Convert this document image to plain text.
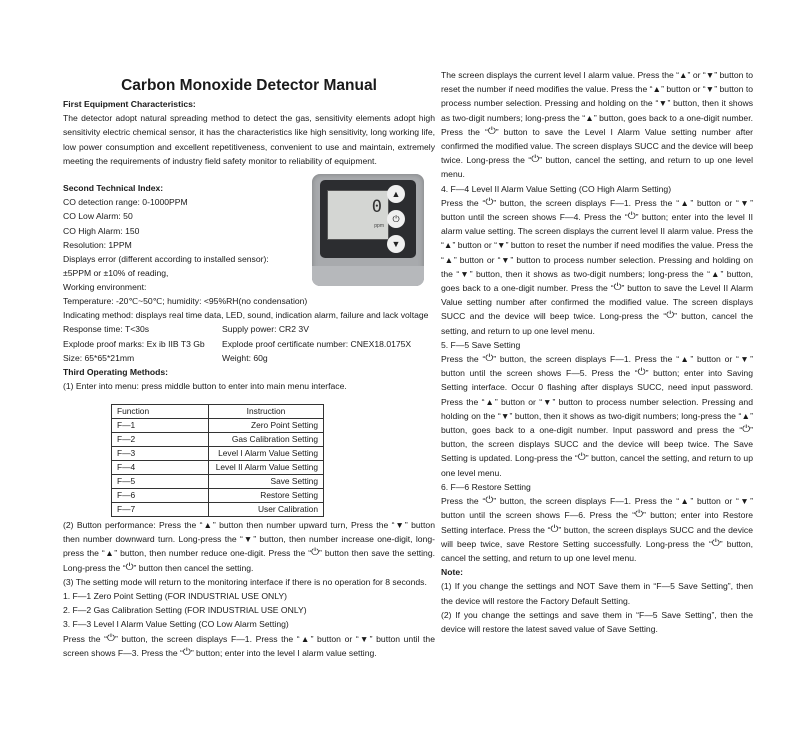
Carbon Monoxide Detector Manual

First Equipment Characteristics:

The detector adopt natural spreading method to detect the gas, sensitivity elements adopt high sensitivity electric chemical sensor, it has the characteristics like high sensitivity, long working life, low power consumption and excellent repetitiveness, convenient to use and maintain, extremely meeting the requirements of industry field safety monitor to reliability of equipment.

Second Technical Index:

CO detection range: 0-1000PPM

CO Low Alarm: 50

CO High Alarm: 150

Resolution: 1PPM

Displays error (different according to installed sensor):

±5PPM or ±10% of reading,

Working environment:

Temperature: -20℃~50℃; humidity: <95%RH(no condensation)

Indicating method: displays real time data, LED, sound, indication alarm, failure and lack voltage

Response time: T<30s	Supply power: CR2 3V
Explode proof marks: Ex ib IIB T3 Gb Explode proof certificate number: CNEX18.0175X
Size: 65*65*21mm	Weight: 60g

Third Operating Methods:

(1) Enter into menu: press middle button to enter into main menu interface.

Function	Instruction
F—1	Zero Point Setting
F—2	Gas Calibration Setting
F—3	Level I Alarm Value Setting
F—4	Level II Alarm Value Setting
F—5	Save Setting
F—6	Restore Setting
F—7	User Calibration

(2) Button performance: Press the “▲” button then number upward turn, Press the “▼” button then number downward turn. Long-press the “▼” button, then number increase one-digit, long-press the “▲” button, then number reduce one-digit. Press the “⏻” button then save the setting. Long-press the “⏻” button then cancel the setting.

(3) The setting mode will return to the monitoring interface if there is no operation for 8 seconds.

1. F—1 Zero Point Setting (FOR INDUSTRIAL USE ONLY)

2. F—2 Gas Calibration Setting (FOR INDUSTRIAL USE ONLY)

3. F—3 Level I Alarm Value Setting (CO Low Alarm Setting)

Press the “⏻” button, the screen displays F—1. Press the “▲” button or “▼” button until the screen shows F—3. Press the “⏻” button; enter into the level I alarm value setting.

0
ppm
▲
⏻
▼

The screen displays the current level I alarm value. Press the “▲” or “▼” button to reset the number if need modifies the value. Press the “▲” button or “▼” button to process number selection. Pressing and holding on the “▼” button, then it shows as two-digit numbers; long-press the “▲” button, goes back to a one-digit number. Press the “⏻” button to save the Level I Alarm Value setting number after confirmed the modified value. The screen displays SUCC and the device will beep twice. Long-press the “⏻” button, cancel the setting, and return to up one level menu.

4. F—4 Level II Alarm Value Setting (CO High Alarm Setting)

Press the “⏻” button, the screen displays F—1. Press the “▲” button or “▼” button until the screen shows F—4. Press the “⏻” button; enter into the level II alarm value setting. The screen displays the current level II alarm value. Press the “▲” button or “▼” button to reset the number if need modifies the value. Press the “▲” button or “▼” button to process number selection. Pressing and holding on the “▼” button, then it shows as two-digit numbers; long-press the “▲” button, goes back to a one-digit number. Press the “⏻” button to save the Level II Alarm Value setting number after confirmed the modified value. The screen displays SUCC and the device will beep twice. Long-press the “⏻” button, cancel the setting, and return to up one level menu.

5. F—5 Save Setting

Press the “⏻” button, the screen displays F—1. Press the “▲” button or “▼” button until the screen shows F—5. Press the “⏻” button; enter into Saving Setting interface. Occur 0 flashing after displays SUCC, need input password. Press the “▲” button or “▼” button to process number selection. Pressing and holding on the “▼” button, then it shows as two-digit numbers; long-press the “▲” button, goes back to a one-digit number. Input password and press the “⏻” button, the screen displays SUCC and the device will beep twice. The Save Setting is updated. Long-press the “⏻” button, cancel the setting, and return to up one level menu.

6. F—6 Restore Setting

Press the “⏻” button, the screen displays F—1. Press the “▲” button or “▼” button until the screen shows F—6. Press the “⏻” button; enter into Restore Setting interface. Press the “⏻” button, the screen displays SUCC and the device will beep twice, save Restore Setting successfully. Long-press the “⏻” button, cancel the setting, and return to up one level menu.

Note:

(1) If you change the settings and NOT Save them in “F—5 Save Setting”, then the device will restore the Factory Default Setting.

(2) If you change the settings and save them in “F—5 Save Setting”, then the device will restore the latest saved value of Save Setting.
